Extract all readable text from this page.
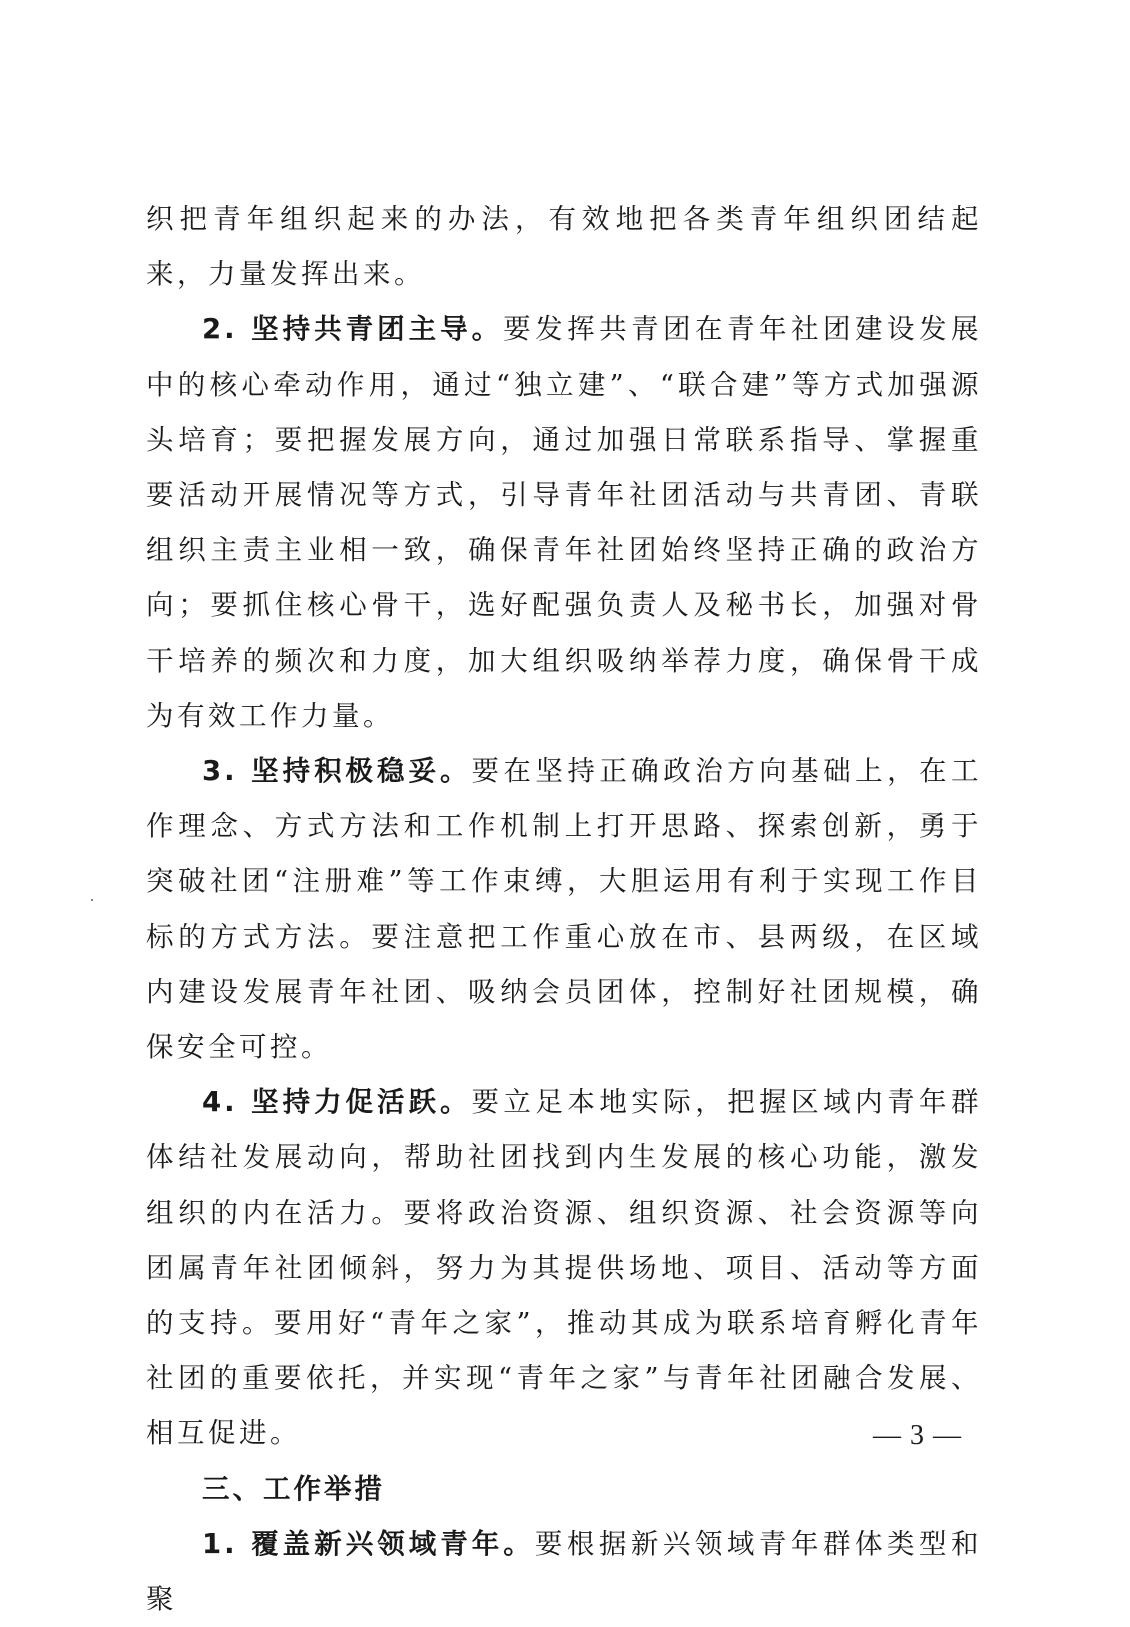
织把青年组织起来的办法，有效地把各类青年组织团结起来，力量发挥出来。

2. 坚持共青团主导。要发挥共青团在青年社团建设发展中的核心牵动作用，通过“独立建”、“联合建”等方式加强源头培育；要把握发展方向，通过加强日常联系指导、掌握重要活动开展情况等方式，引导青年社团活动与共青团、青联组织主责主业相一致，确保青年社团始终坚持正确的政治方向；要抓住核心骨干，选好配强负责人及秘书长，加强对骨干培养的频次和力度，加大组织吸纳举荐力度，确保骨干成为有效工作力量。

3. 坚持积极稳妥。要在坚持正确政治方向基础上，在工作理念、方式方法和工作机制上打开思路、探索创新，勇于突破社团“注册难”等工作束缚，大胆运用有利于实现工作目标的方式方法。要注意把工作重心放在市、县两级，在区域内建设发展青年社团、吸纳会员团体，控制好社团规模，确保安全可控。

4. 坚持力促活跃。要立足本地实际，把握区域内青年群体结社发展动向，帮助社团找到内生发展的核心功能，激发组织的内在活力。要将政治资源、组织资源、社会资源等向团属青年社团倾斜，努力为其提供场地、项目、活动等方面的支持。要用好“青年之家”，推动其成为联系培育孵化青年社团的重要依托，并实现“青年之家”与青年社团融合发展、相互促进。

三、工作举措

1. 覆盖新兴领域青年。要根据新兴领域青年群体类型和聚

— 3 —
